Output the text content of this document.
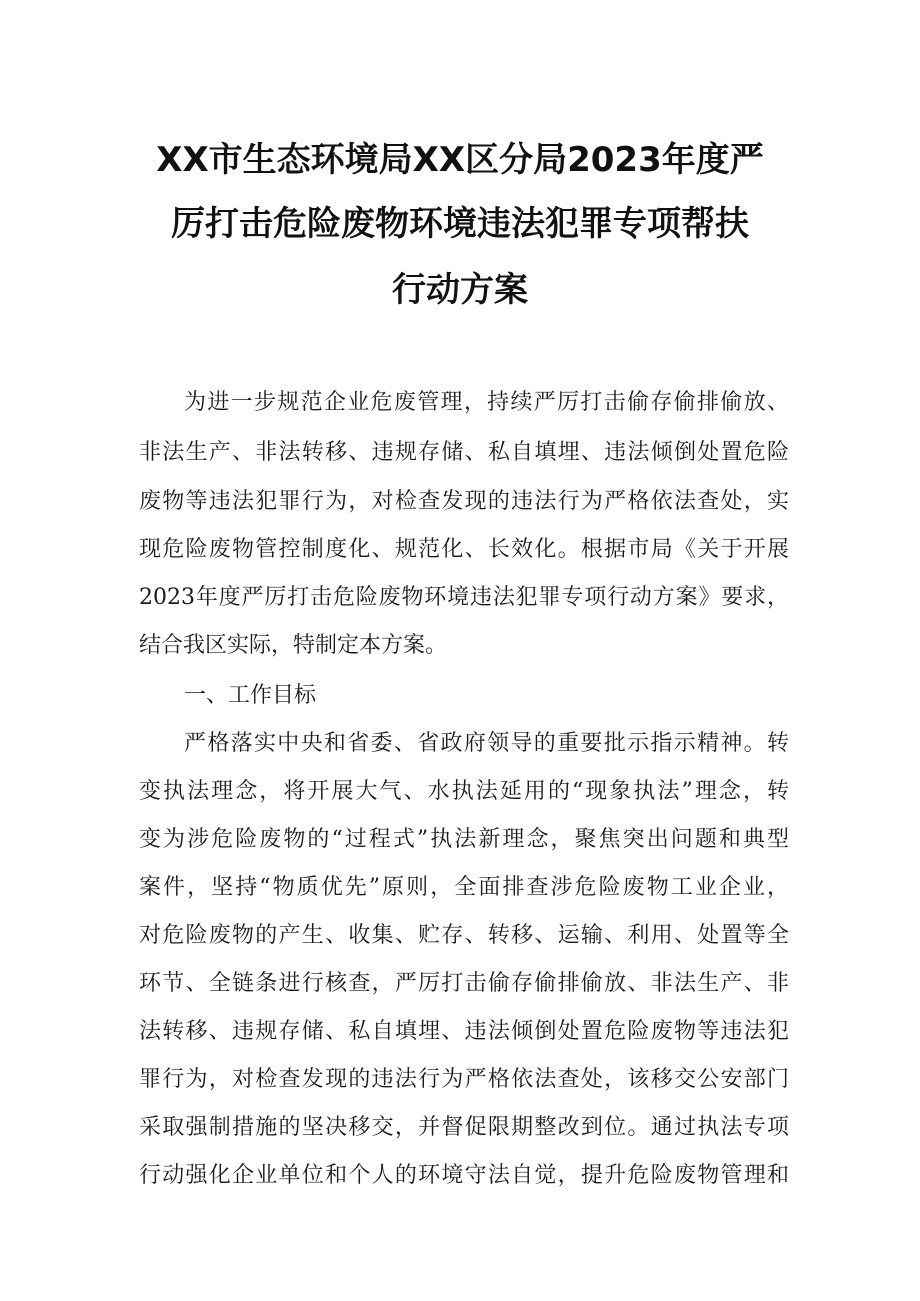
XX市生态环境局XX区分局2023年度严
厉打击危险废物环境违法犯罪专项帮扶
行动方案
为进一步规范企业危废管理，持续严厉打击偷存偷排偷放、
非法生产、非法转移、违规存储、私自填埋、违法倾倒处置危险
废物等违法犯罪行为，对检查发现的违法行为严格依法查处，实
现危险废物管控制度化、规范化、长效化。根据市局《关于开展
2023年度严厉打击危险废物环境违法犯罪专项行动方案》要求，
结合我区实际，特制定本方案。
一、工作目标
严格落实中央和省委、省政府领导的重要批示指示精神。转
变执法理念，将开展大气、水执法延用的“现象执法”理念，转
变为涉危险废物的“过程式”执法新理念，聚焦突出问题和典型
案件，坚持“物质优先”原则，全面排查涉危险废物工业企业，
对危险废物的产生、收集、贮存、转移、运输、利用、处置等全
环节、全链条进行核查，严厉打击偷存偷排偷放、非法生产、非
法转移、违规存储、私自填埋、违法倾倒处置危险废物等违法犯
罪行为，对检查发现的违法行为严格依法查处，该移交公安部门
采取强制措施的坚决移交，并督促限期整改到位。通过执法专项
行动强化企业单位和个人的环境守法自觉，提升危险废物管理和
